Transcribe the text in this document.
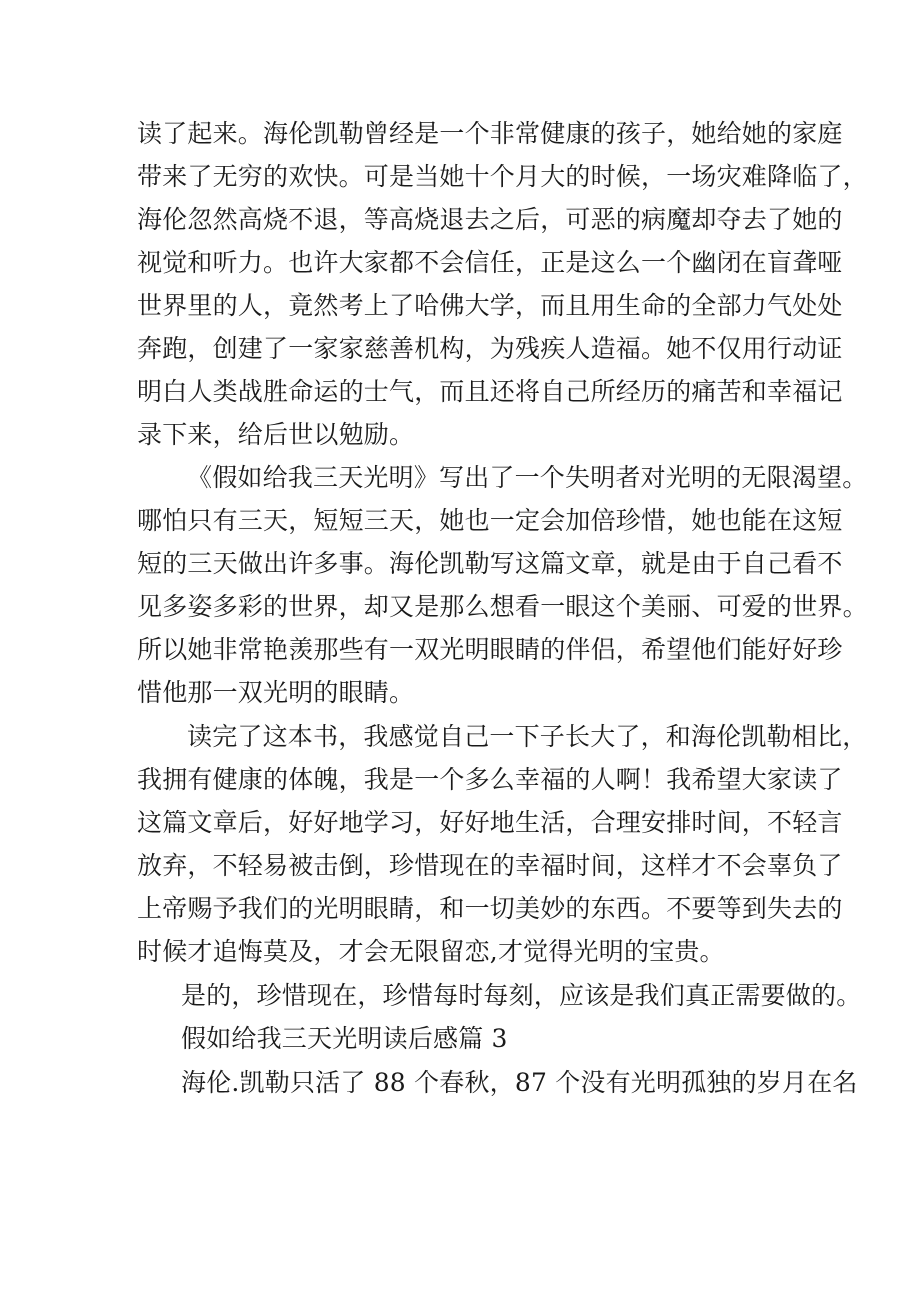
读了起来。海伦凯勒曾经是一个非常健康的孩子，她给她的家庭
带来了无穷的欢快。可是当她十个月大的时候，一场灾难降临了，
海伦忽然高烧不退，等高烧退去之后，可恶的病魔却夺去了她的
视觉和听力。也许大家都不会信任，正是这么一个幽闭在盲聋哑
世界里的人，竟然考上了哈佛大学，而且用生命的全部力气处处
奔跑，创建了一家家慈善机构，为残疾人造福。她不仅用行动证
明白人类战胜命运的士气，而且还将自己所经历的痛苦和幸福记
录下来，给后世以勉励。
《假如给我三天光明》写出了一个失明者对光明的无限渴望。
哪怕只有三天，短短三天，她也一定会加倍珍惜，她也能在这短
短的三天做出许多事。海伦凯勒写这篇文章，就是由于自己看不
见多姿多彩的世界，却又是那么想看一眼这个美丽、可爱的世界。
所以她非常艳羡那些有一双光明眼睛的伴侣，希望他们能好好珍
惜他那一双光明的眼睛。
读完了这本书，我感觉自己一下子长大了，和海伦凯勒相比，
我拥有健康的体魄，我是一个多么幸福的人啊！我希望大家读了
这篇文章后，好好地学习，好好地生活，合理安排时间，不轻言
放弃，不轻易被击倒，珍惜现在的幸福时间，这样才不会辜负了
上帝赐予我们的光明眼睛，和一切美妙的东西。不要等到失去的
时候才追悔莫及，才会无限留恋,才觉得光明的宝贵。
是的，珍惜现在，珍惜每时每刻，应该是我们真正需要做的。
假如给我三天光明读后感篇 3
海伦.凯勒只活了 88 个春秋，87 个没有光明孤独的岁月在名
